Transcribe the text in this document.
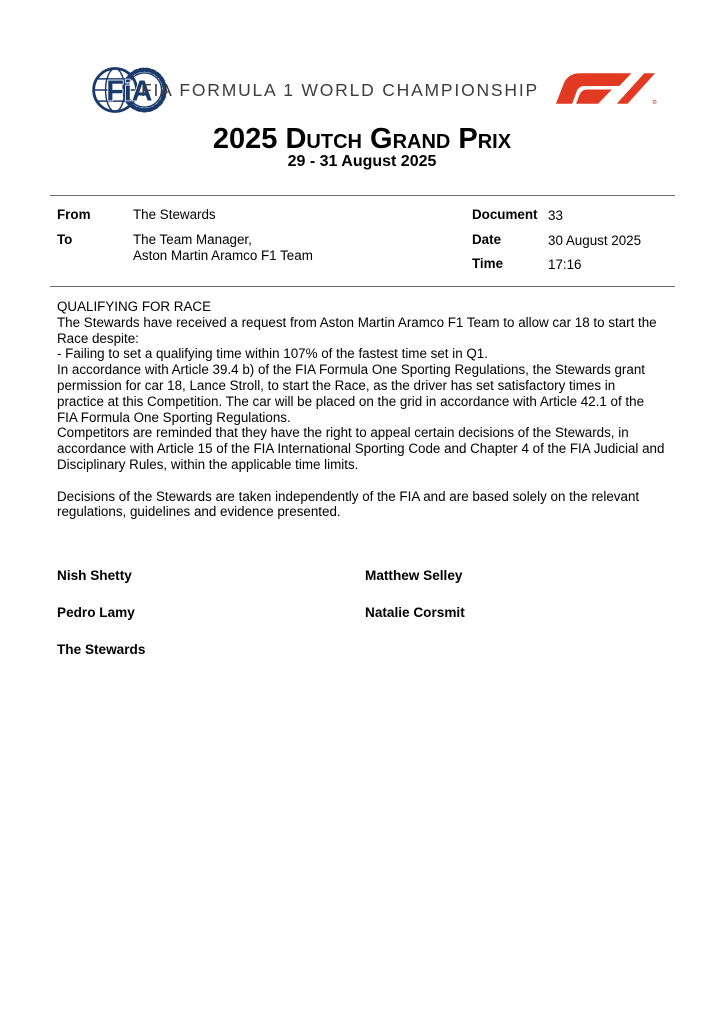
FiA
FIA FORMULA 1 WORLD CHAMPIONSHIP
2025 Dutch Grand Prix
29 - 31 August 2025
From	The Stewards
To	The Team Manager,
Aston Martin Aramco F1 Team
Document 33
Date	30 August 2025
Time	17:16

QUALIFYING FOR RACE

The Stewards have received a request from Aston Martin Aramco F1 Team to allow car 18 to start the Race despite:

- Failing to set a qualifying time within 107% of the fastest time set in Q1.

In accordance with Article 39.4 b) of the FIA Formula One Sporting Regulations, the Stewards grant permission for car 18, Lance Stroll, to start the Race, as the driver has set satisfactory times in practice at this Competition. The car will be placed on the grid in accordance with Article 42.1 of the FIA Formula One Sporting Regulations.

Competitors are reminded that they have the right to appeal certain decisions of the Stewards, in accordance with Article 15 of the FIA International Sporting Code and Chapter 4 of the FIA Judicial and Disciplinary Rules, within the applicable time limits.

Decisions of the Stewards are taken independently of the FIA and are based solely on the relevant regulations, guidelines and evidence presented.

Nish Shetty	Matthew Selley
Pedro Lamy	Natalie Corsmit
The Stewards
